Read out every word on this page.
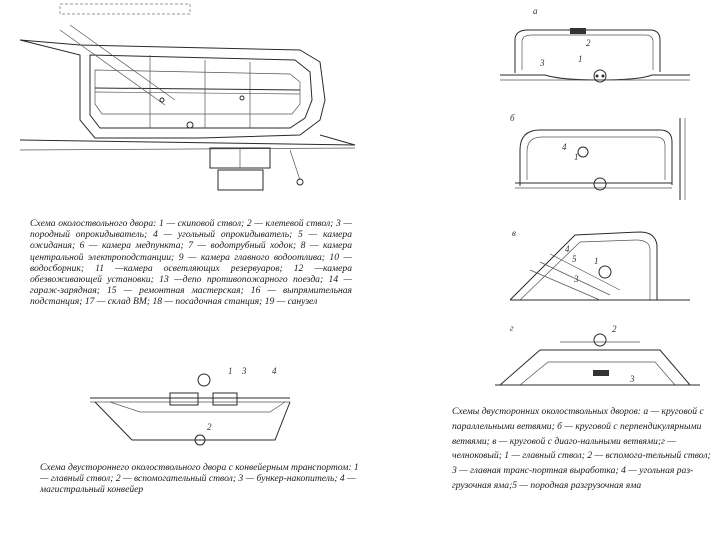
а
2
1
3
б
4
1
в
4
5
3
1
г	2
3
1 3	4
2

Схема околоствольного двора: 1 — скиповой ствол; 2 — клетевой ствол; 3 — породный опрокидыватель; 4 — угольный опрокидыватель; 5 — камера ожидания; 6 — камера медпункта; 7 — водотрубный ходок; 8 — камера центральной электроподстанции; 9 — камера главного водоотлива; 10 — водосборник; 11 —камера осветляющих резервуаров; 12 —камера обезвоживающей установки; 13 —депо противопожарного поезда; 14 — гараж-зарядная; 15 — ремонтная мастерская; 16 — выпрямительная подстанция; 17 — склад ВМ; 18 — посадочная станция; 19 — санузел

Схема двустороннего околоствольного двора с конвейерным транспортом: 1 — главный ствол; 2 — вспомогательный ствол; 3 — бункер-накопитель; 4 — магистральный конвейер

Схемы двусторонних околоствольных дворов: а — круговой с параллельными ветвями; б — круговой с перпендикулярными ветвями; в — круговой с диаго-нальными ветвями;г — челноковый; 1 — главный ствол; 2 — вспомога-тельный ствол; 3 — главная транс-портная выработка; 4 — угольная раз-грузочная яма;5 — породная разгрузочная яма
